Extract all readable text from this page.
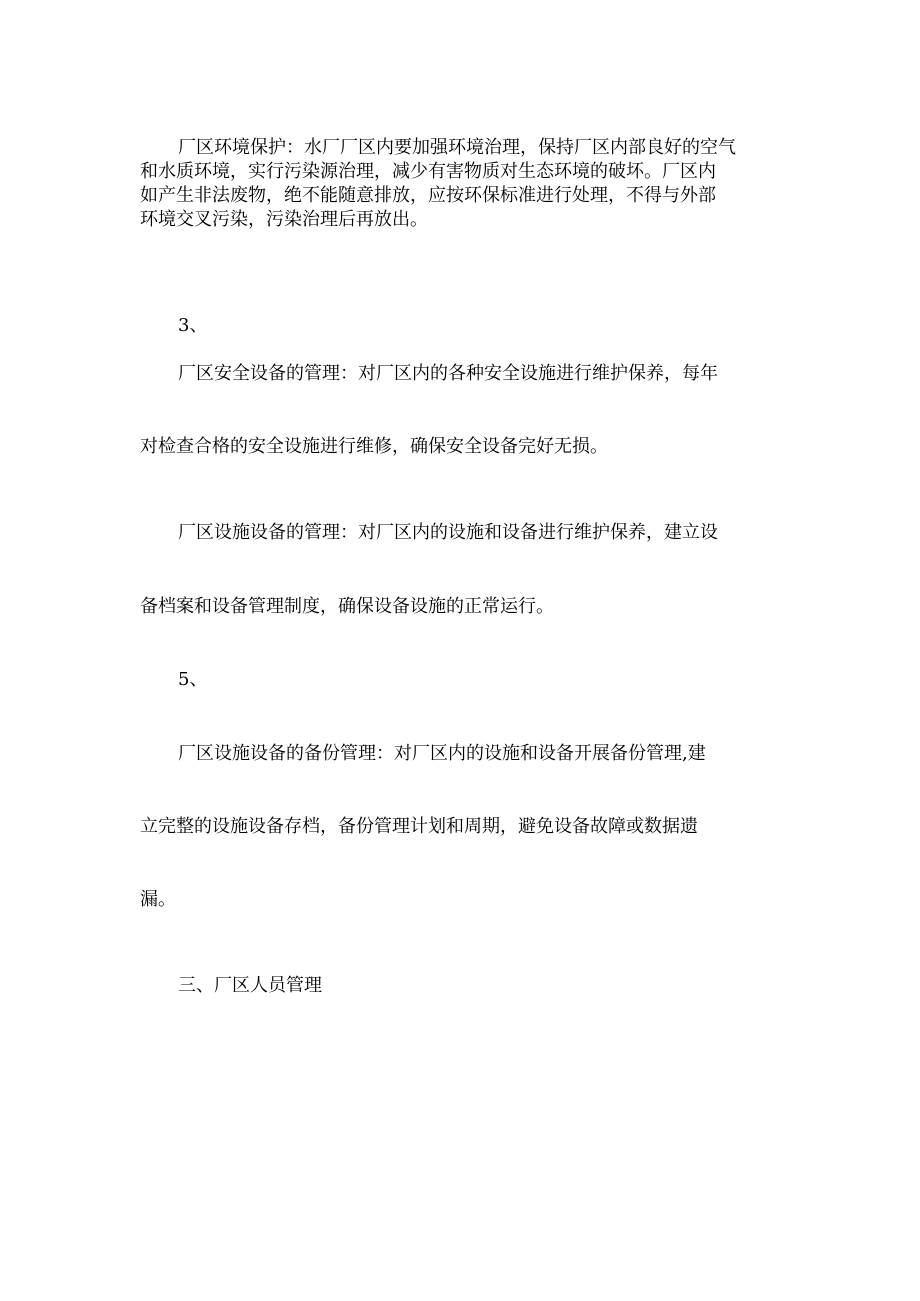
厂区环境保护：水厂厂区内要加强环境治理，保持厂区内部良好的空气
和水质环境，实行污染源治理，减少有害物质对生态环境的破坏。厂区内
如产生非法废物，绝不能随意排放，应按环保标准进行处理，不得与外部
环境交叉污染，污染治理后再放出。
3、
厂区安全设备的管理：对厂区内的各种安全设施进行维护保养，每年
对检查合格的安全设施进行维修，确保安全设备完好无损。
厂区设施设备的管理：对厂区内的设施和设备进行维护保养，建立设
备档案和设备管理制度，确保设备设施的正常运行。
5、
厂区设施设备的备份管理：对厂区内的设施和设备开展备份管理,建
立完整的设施设备存档，备份管理计划和周期，避免设备故障或数据遗
漏。
三、厂区人员管理
